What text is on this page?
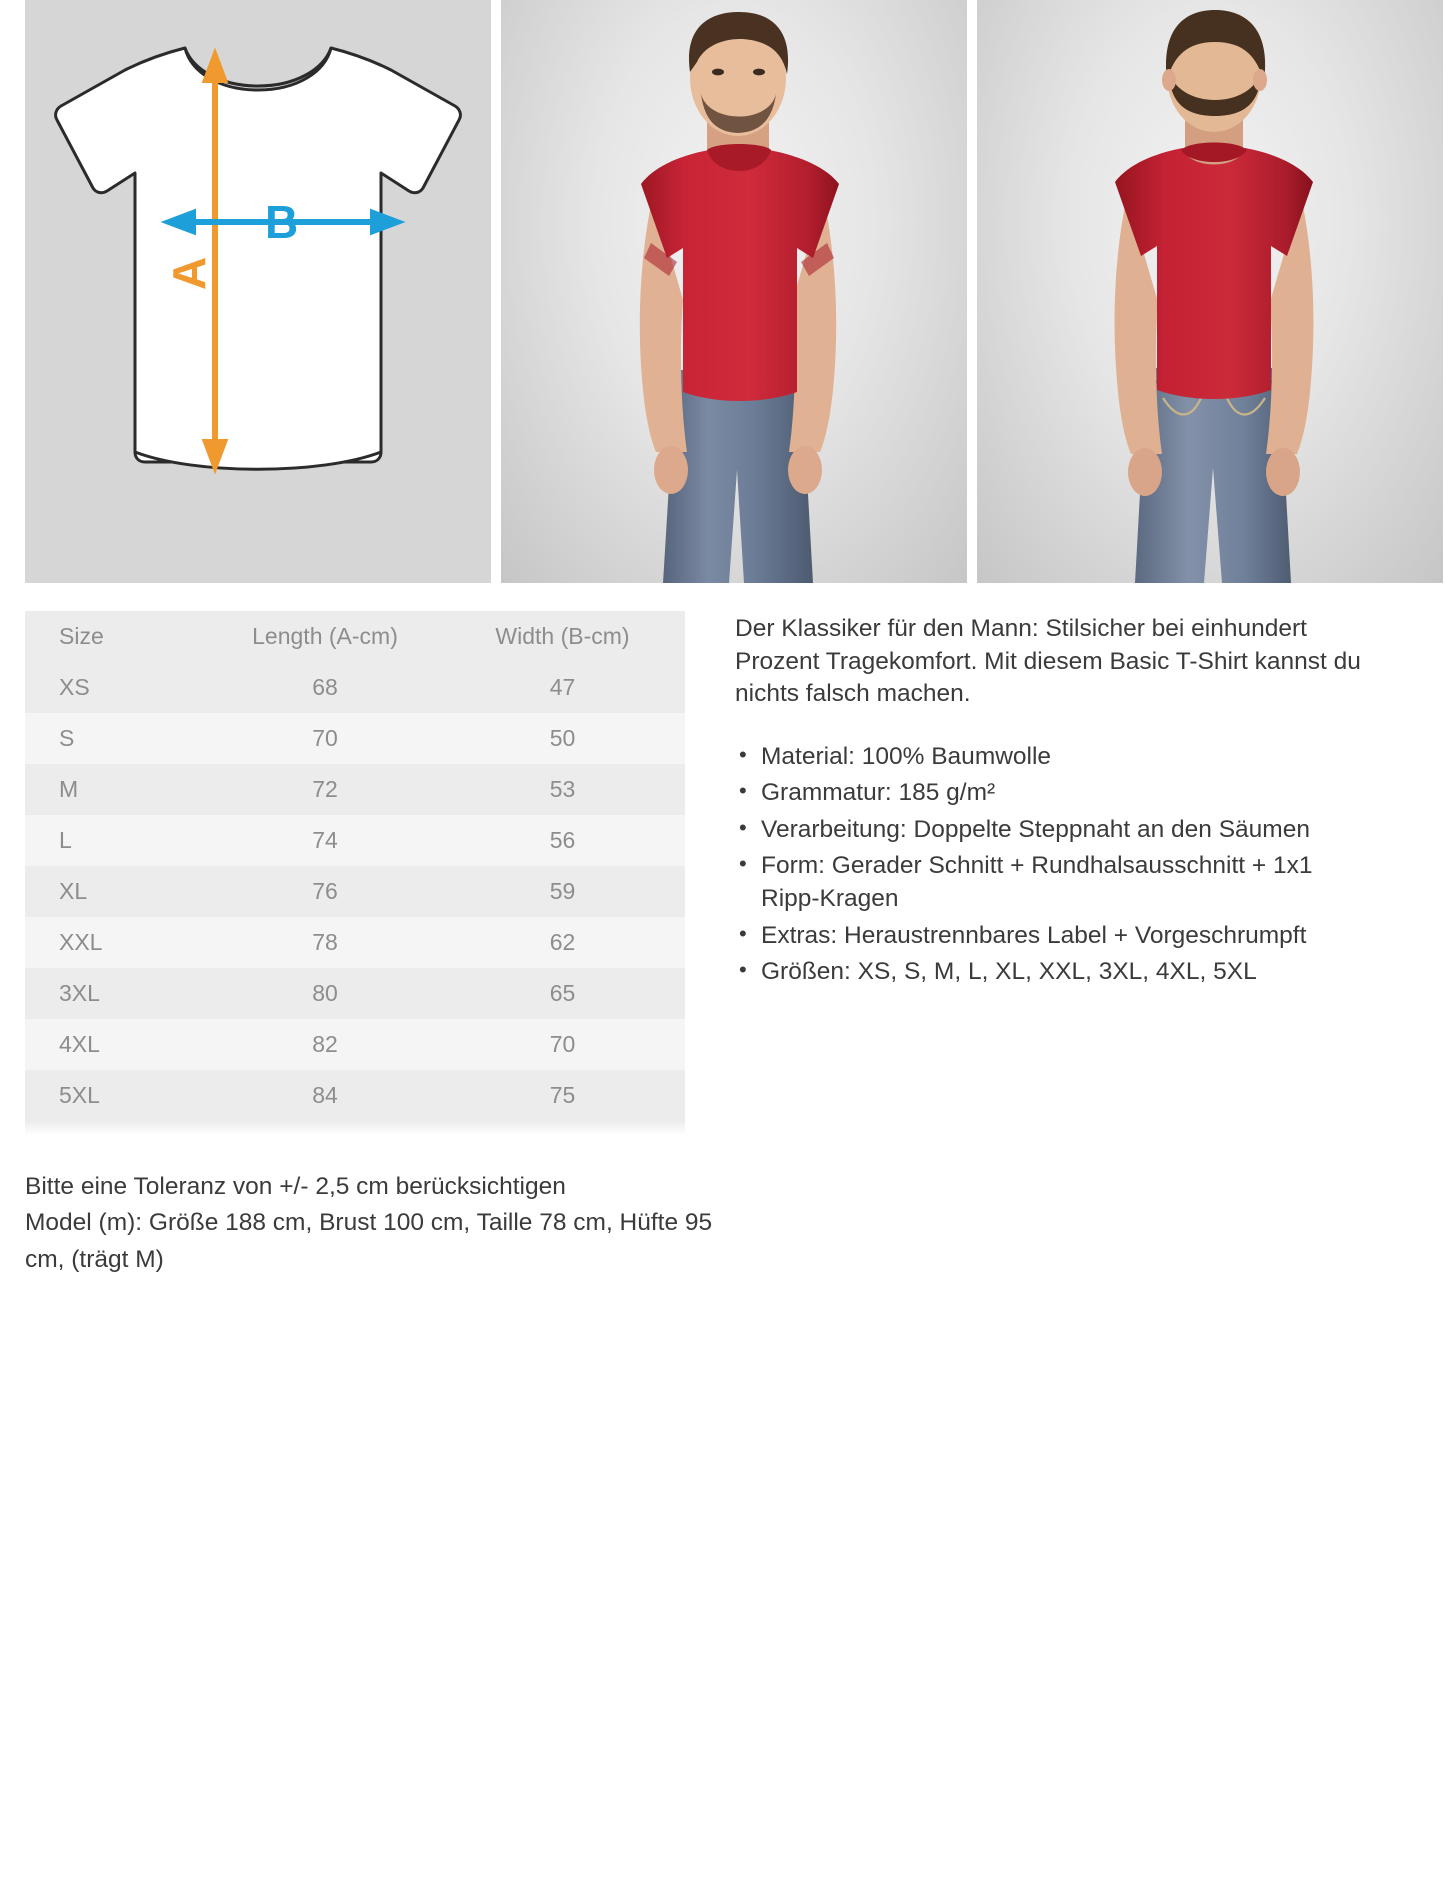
A
B
Size	Length (A-cm)	Width (B-cm)
XS	68	47
S	70	50
M	72	53
L	74	56
XL	76	59
XXL	78	62
3XL	80	65
4XL	82	70
5XL	84	75

Der Klassiker für den Mann: Stilsicher bei einhundert Prozent Tragekomfort. Mit diesem Basic T-Shirt kannst du nichts falsch machen.

• Material: 100% Baumwolle
• Grammatur: 185 g/m²
• Verarbeitung: Doppelte Steppnaht an den Säumen
• Form: Gerader Schnitt + Rundhalsausschnitt + 1x1 Ripp-Kragen
• Extras: Heraustrennbares Label + Vorgeschrumpft
• Größen: XS, S, M, L, XL, XXL, 3XL, 4XL, 5XL
Bitte eine Toleranz von +/- 2,5 cm berücksichtigen
Model (m): Größe 188 cm, Brust 100 cm, Taille 78 cm, Hüfte 95 cm, (trägt M)
